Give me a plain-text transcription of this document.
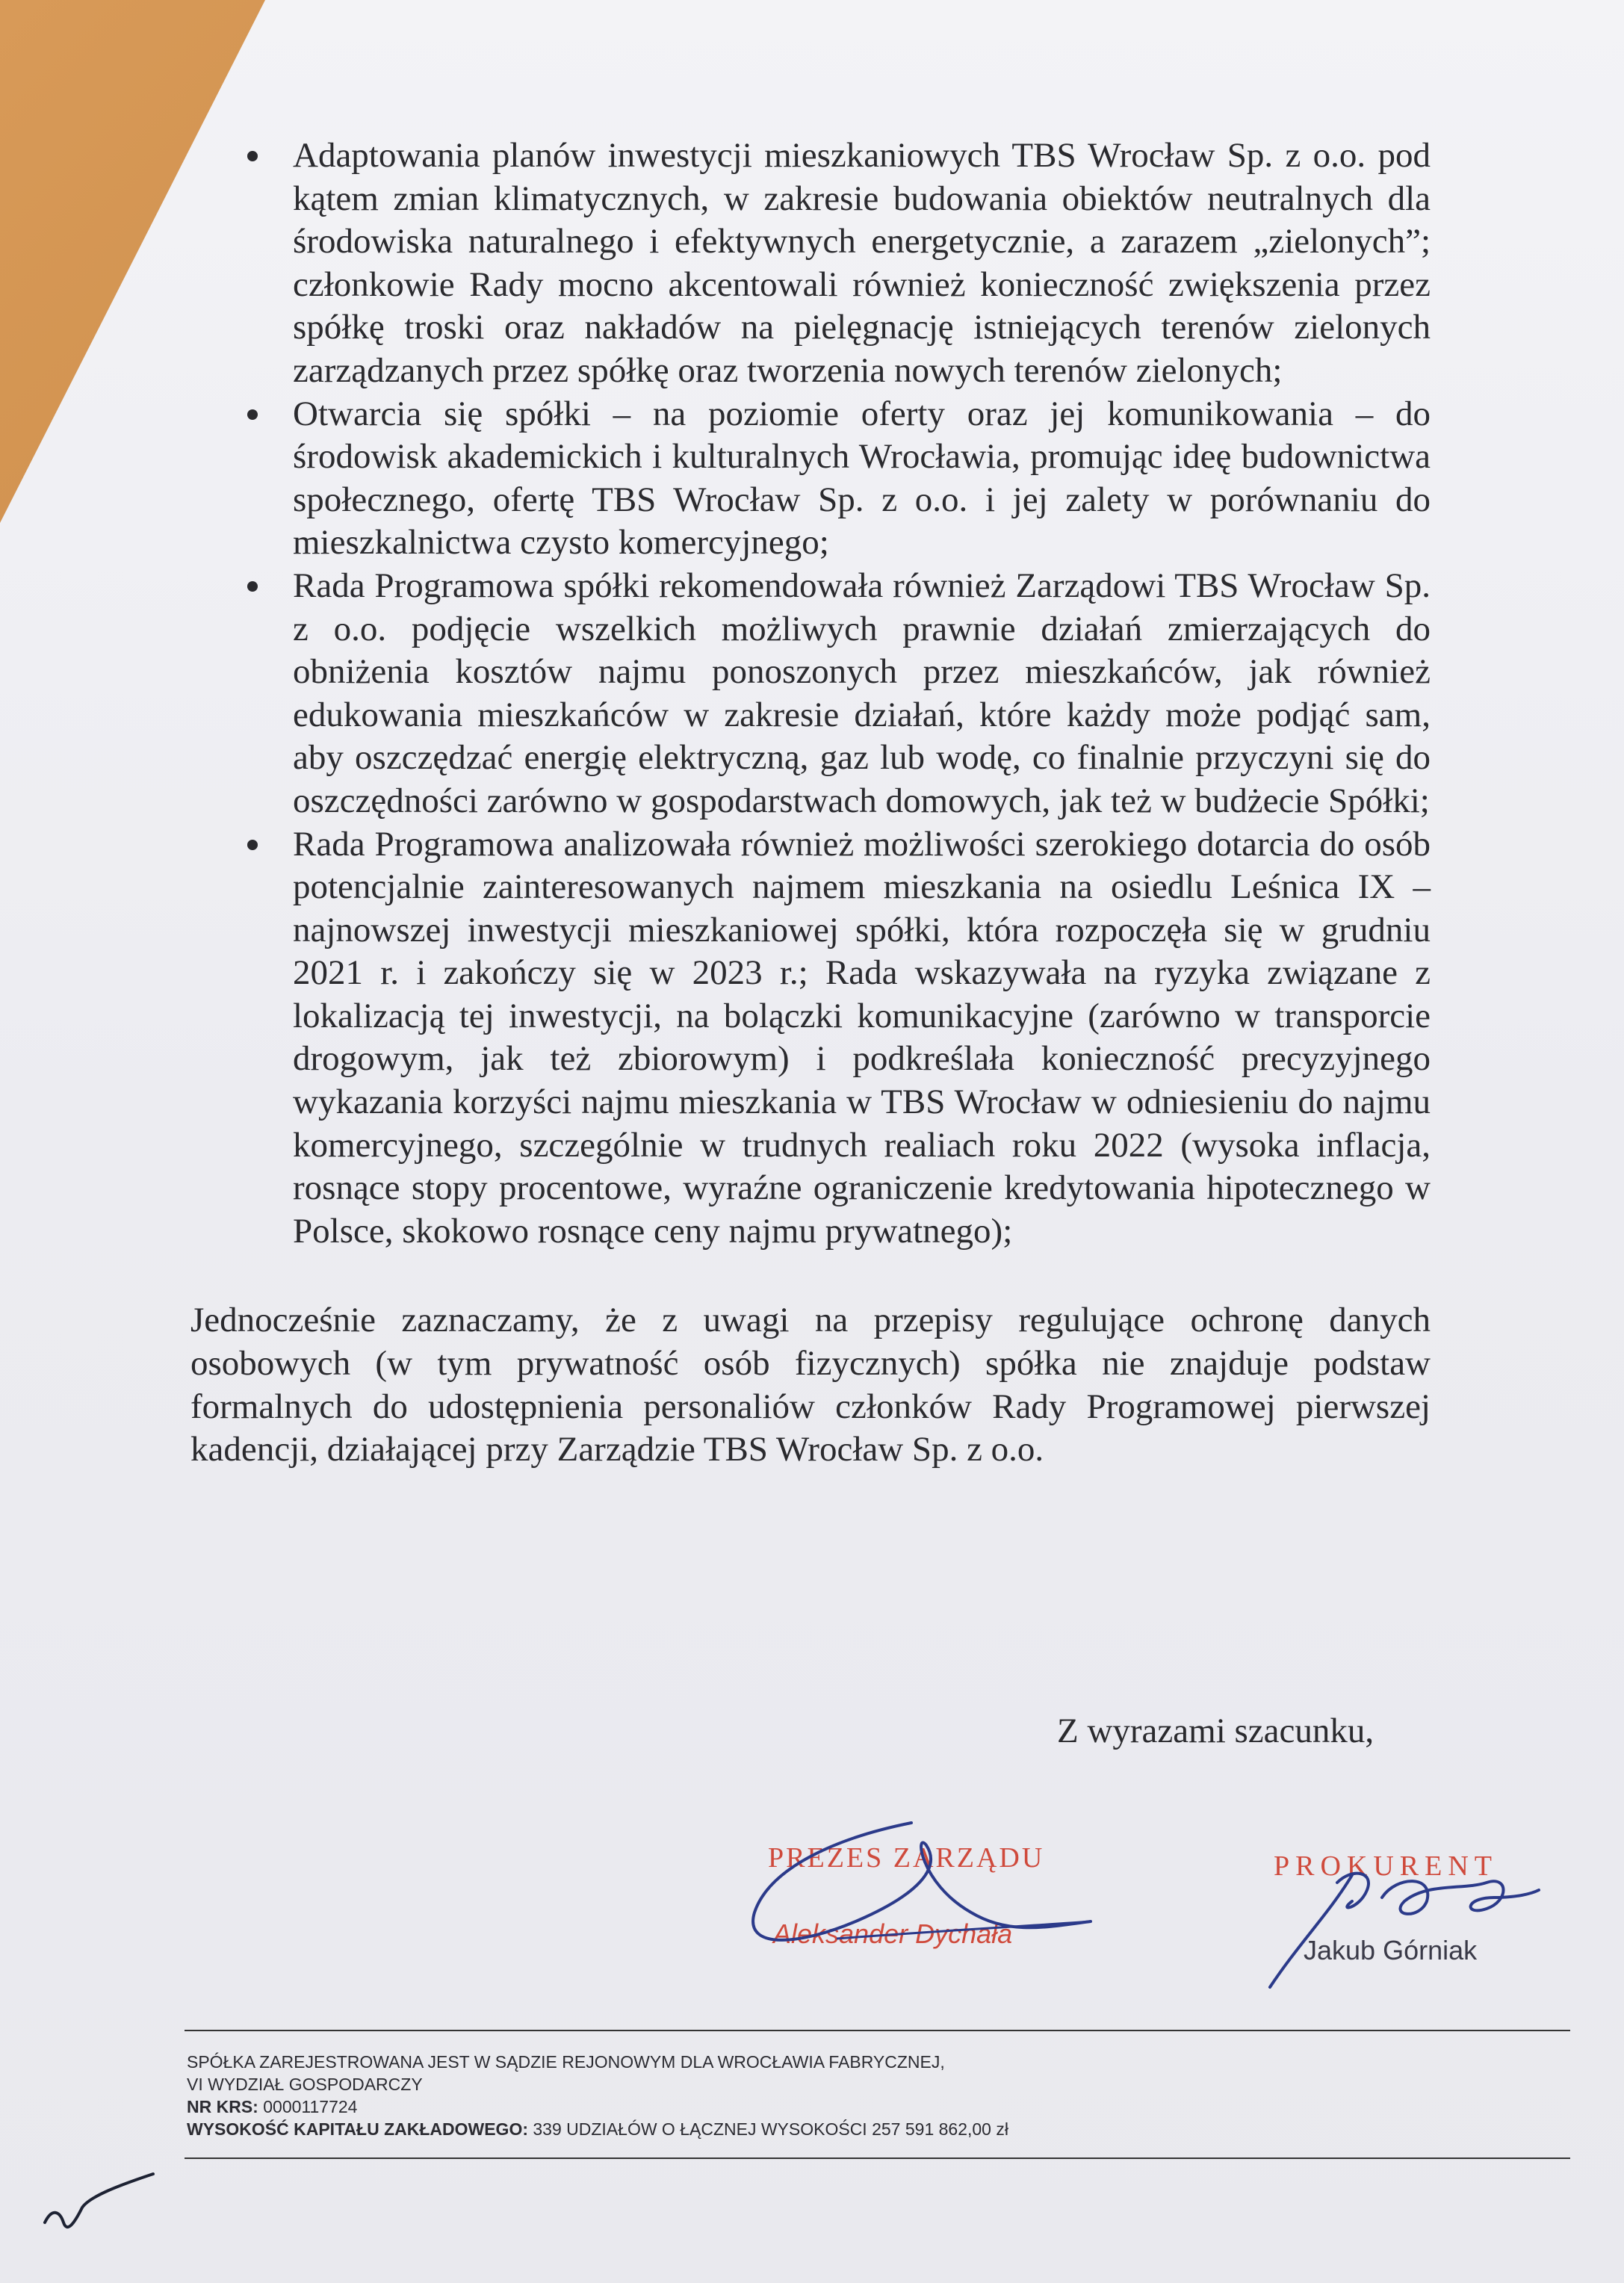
Adaptowania planów inwestycji mieszkaniowych TBS Wrocław Sp. z o.o. pod kątem zmian klimatycznych, w zakresie budowania obiektów neutralnych dla środowiska naturalnego i efektywnych energetycznie, a zarazem „zielonych”; członkowie Rady mocno akcentowali również konieczność zwiększenia przez spółkę troski oraz nakładów na pielęgnację istniejących terenów zielonych zarządzanych przez spółkę oraz tworzenia nowych terenów zielonych;
Otwarcia się spółki – na poziomie oferty oraz jej komunikowania – do środowisk akademickich i kulturalnych Wrocławia, promując ideę budownictwa społecznego, ofertę TBS Wrocław Sp. z o.o. i jej zalety w porównaniu do mieszkalnictwa czysto komercyjnego;
Rada Programowa spółki rekomendowała również Zarządowi TBS Wrocław Sp. z o.o. podjęcie wszelkich możliwych prawnie działań zmierzających do obniżenia kosztów najmu ponoszonych przez mieszkańców, jak również edukowania mieszkańców w zakresie działań, które każdy może podjąć sam, aby oszczędzać energię elektryczną, gaz lub wodę, co finalnie przyczyni się do oszczędności zarówno w gospodarstwach domowych, jak też w budżecie Spółki;
Rada Programowa analizowała również możliwości szerokiego dotarcia do osób potencjalnie zainteresowanych najmem mieszkania na osiedlu Leśnica IX – najnowszej inwestycji mieszkaniowej spółki, która rozpoczęła się w grudniu 2021 r. i zakończy się w 2023 r.; Rada wskazywała na ryzyka związane z lokalizacją tej inwestycji, na bolączki komunikacyjne (zarówno w transporcie drogowym, jak też zbiorowym) i podkreślała konieczność precyzyjnego wykazania korzyści najmu mieszkania w TBS Wrocław w odniesieniu do najmu komercyjnego, szczególnie w trudnych realiach roku 2022 (wysoka inflacja, rosnące stopy procentowe, wyraźne ograniczenie kredytowania hipotecznego w Polsce, skokowo rosnące ceny najmu prywatnego);

Jednocześnie zaznaczamy, że z uwagi na przepisy regulujące ochronę danych osobowych (w tym prywatność osób fizycznych) spółka nie znajduje podstaw formalnych do udostępnienia personaliów członków Rady Programowej pierwszej kadencji, działającej przy Zarządzie TBS Wrocław Sp. z o.o.

Z wyrazami szacunku,
PREZES ZARZĄDU
Aleksander Dychała
PROKURENT
Jakub Górniak
SPÓŁKA ZAREJESTROWANA JEST W SĄDZIE REJONOWYM DLA WROCŁAWIA FABRYCZNEJ,
VI WYDZIAŁ GOSPODARCZY
NR KRS: 0000117724
WYSOKOŚĆ KAPITAŁU ZAKŁADOWEGO: 339 UDZIAŁÓW O ŁĄCZNEJ WYSOKOŚCI 257 591 862,00 zł
